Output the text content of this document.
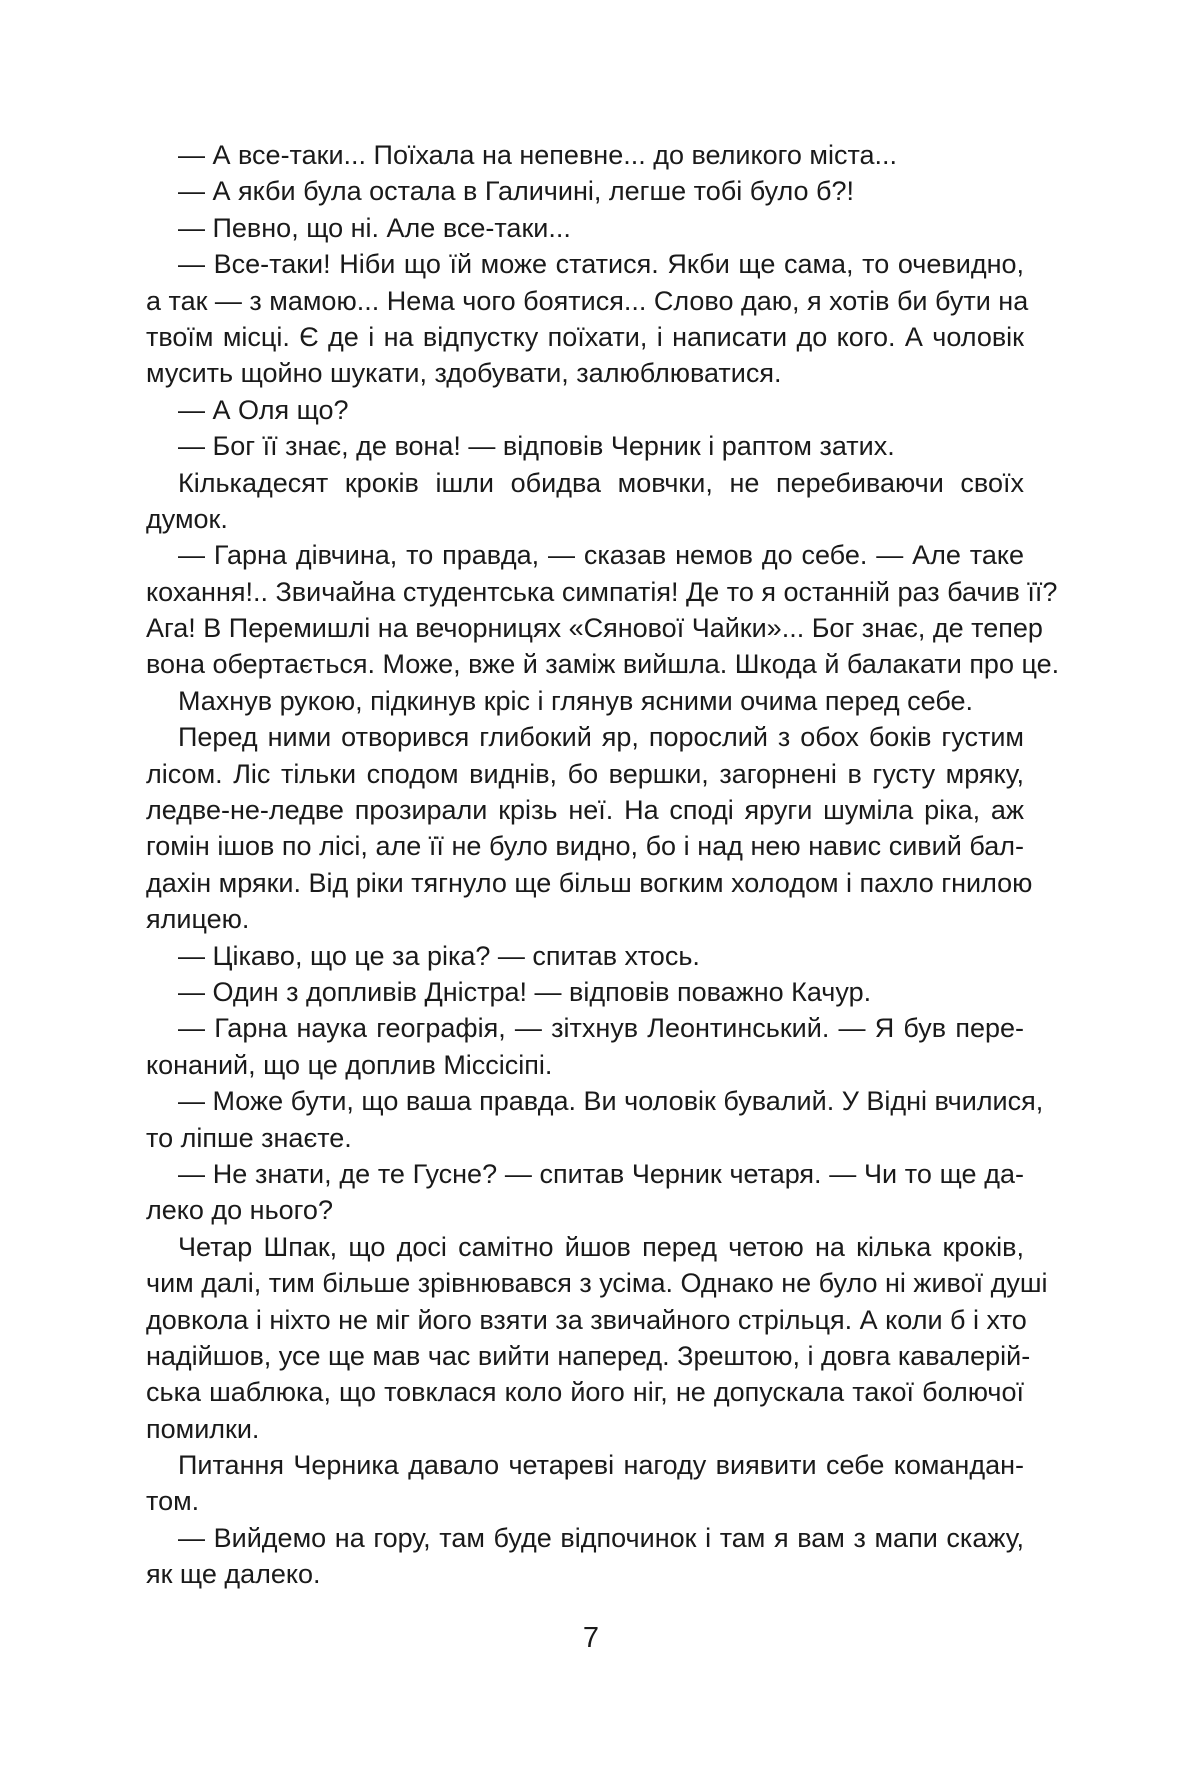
— А все-таки... Поїхала на непевне... до великого міста...
— А якби була остала в Галичині, легше тобі було б?!
— Певно, що ні. Але все-таки...
— Все-таки! Ніби що їй може статися. Якби ще сама, то очевидно,
а так — з мамою... Нема чого боятися... Слово даю, я хотів би бути на
твоїм місці. Є де і на відпустку поїхати, і написати до кого. А чоловік
мусить щойно шукати, здобувати, залюблюватися.
— А Оля що?
— Бог її знає, де вона! — відповів Черник і раптом затих.
Кількадесят кроків ішли обидва мовчки, не перебиваючи своїх
думок.
— Гарна дівчина, то правда, — сказав немов до себе. — Але таке
кохання!.. Звичайна студентська симпатія! Де то я останній раз бачив її?
Ага! В Перемишлі на вечорницях «Сянової Чайки»... Бог знає, де тепер
вона обертається. Може, вже й заміж вийшла. Шкода й балакати про це.
Махнув рукою, підкинув кріс і глянув ясними очима перед себе.
Перед ними отворився глибокий яр, порослий з обох боків густим
лісом. Ліс тільки сподом виднів, бо вершки, загорнені в густу мряку,
ледве-не-ледве прозирали крізь неї. На споді яруги шуміла ріка, аж
гомін ішов по лісі, але її не було видно, бо і над нею навис сивий бал-
дахін мряки. Від ріки тягнуло ще більш вогким холодом і пахло гнилою
ялицею.
— Цікаво, що це за ріка? — спитав хтось.
— Один з допливів Дністра! — відповів поважно Качур.
— Гарна наука географія, — зітхнув Леонтинський. — Я був пере-
конаний, що це доплив Міссісіпі.
— Може бути, що ваша правда. Ви чоловік бувалий. У Відні вчилися,
то ліпше знаєте.
— Не знати, де те Гусне? — спитав Черник четаря. — Чи то ще да-
леко до нього?
Четар Шпак, що досі самітно йшов перед четою на кілька кроків,
чим далі, тим більше зрівнювався з усіма. Однако не було ні живої душі
довкола і ніхто не міг його взяти за звичайного стрільця. А коли б і хто
надійшов, усе ще мав час вийти наперед. Зрештою, і довга кавалерій-
ська шаблюка, що товклася коло його ніг, не допускала такої болючої
помилки.
Питання Черника давало четареві нагоду виявити себе командан-
том.
— Вийдемо на гору, там буде відпочинок і там я вам з мапи скажу,
як ще далеко.
7
